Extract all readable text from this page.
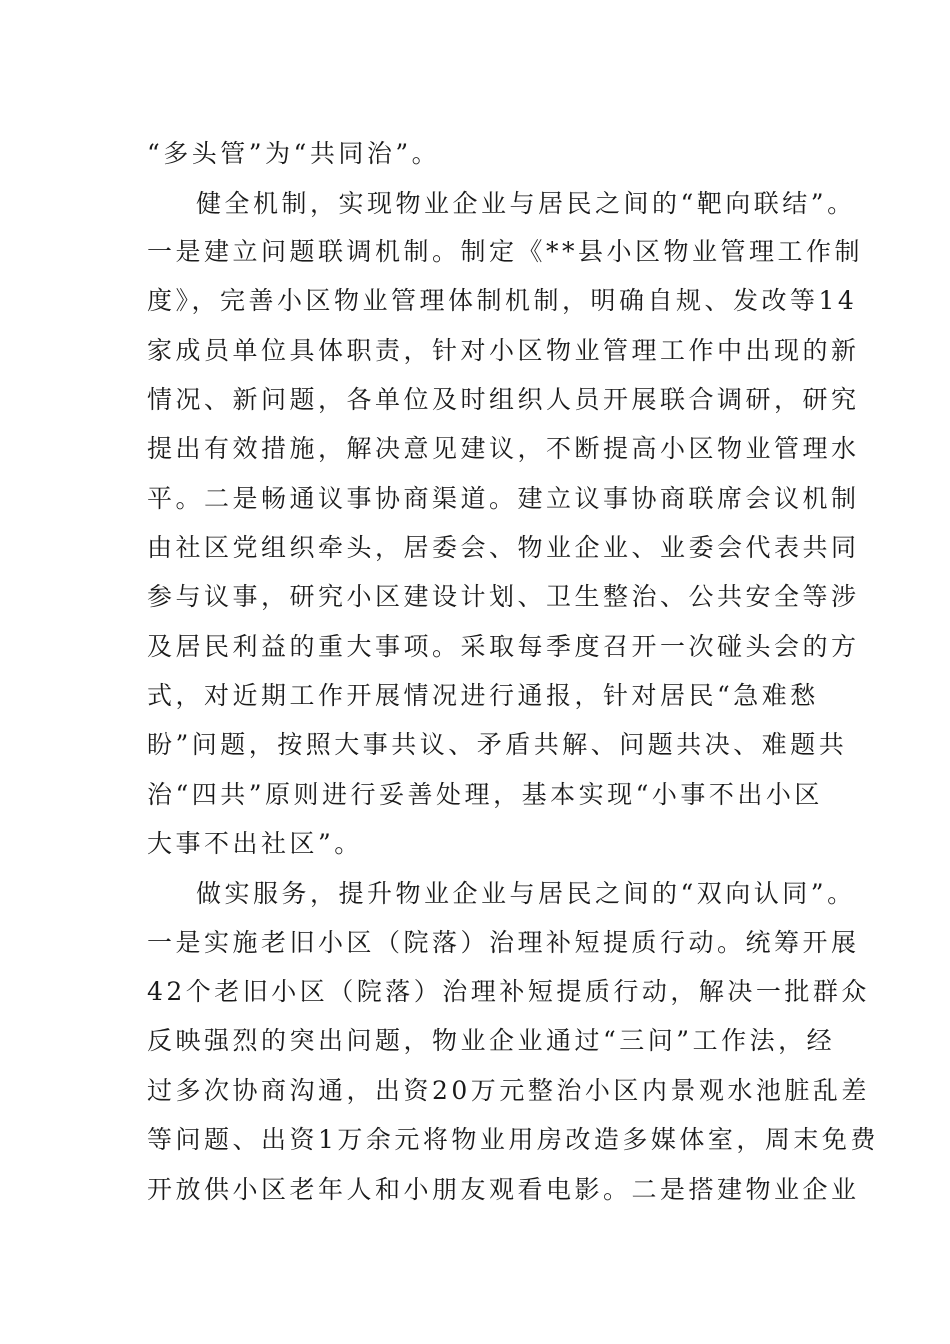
“多头管”为“共同治”。
健全机制，实现物业企业与居民之间的“靶向联结”。
一是建立问题联调机制。制定《**县小区物业管理工作制
度》，完善小区物业管理体制机制，明确自规、发改等14
家成员单位具体职责，针对小区物业管理工作中出现的新
情况、新问题，各单位及时组织人员开展联合调研，研究
提出有效措施，解决意见建议，不断提高小区物业管理水
平。二是畅通议事协商渠道。建立议事协商联席会议机制
由社区党组织牵头，居委会、物业企业、业委会代表共同
参与议事，研究小区建设计划、卫生整治、公共安全等涉
及居民利益的重大事项。采取每季度召开一次碰头会的方
式，对近期工作开展情况进行通报，针对居民“急难愁
盼”问题，按照大事共议、矛盾共解、问题共决、难题共
治“四共”原则进行妥善处理，基本实现“小事不出小区
大事不出社区”。
做实服务，提升物业企业与居民之间的“双向认同”。
一是实施老旧小区（院落）治理补短提质行动。统筹开展
42个老旧小区（院落）治理补短提质行动，解决一批群众
反映强烈的突出问题，物业企业通过“三问”工作法，经
过多次协商沟通，出资20万元整治小区内景观水池脏乱差
等问题、出资1万余元将物业用房改造多媒体室，周末免费
开放供小区老年人和小朋友观看电影。二是搭建物业企业
